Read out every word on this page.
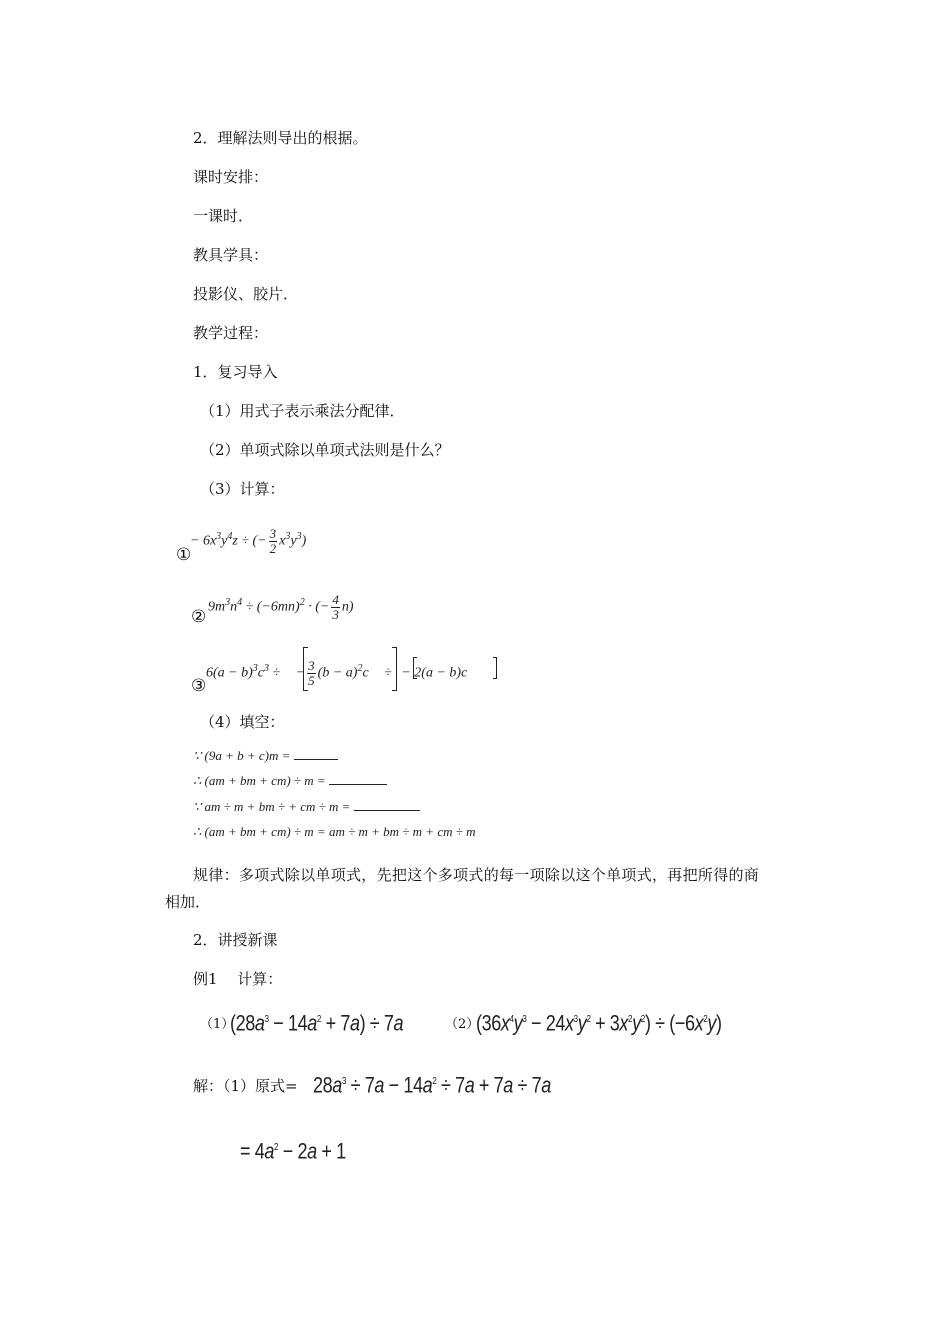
2．理解法则导出的根据。
课时安排：
一课时．
教具学具：
投影仪、胶片．
教学过程：
1．复习导入
（1）用式子表示乘法分配律．
（2）单项式除以单项式法则是什么？
（3）计算：
− $6x^3y^4z$ ÷ (− $\frac{3}{2} x^3y^3$)
①
$9m^3n^4 \div (-6mn)^2$ · (− $\frac{4}{3} n$)
②
$6(a - b)^3c^3$ ÷ − $\frac{3}{5} (b - a)^2c$ ÷ − 2(a − b)c
③
（4）填空：
∵ (9a + b + c)m =
∴ (am + bm + cm) ÷ m =
∵ am ÷ m + bm ÷ + cm ÷ m =
∴ (am + bm + cm) ÷ m = am ÷ m + bm ÷ m + cm ÷ m
规律：多项式除以单项式，先把这个多项式的每一项除以这个单项式，再把所得的商
相加．
2．讲授新课
例1　 计算：
（1）
$(28a^3 - 14a^2 + 7a) \div 7a$	（2）
$(36x^4y^3 - 24x^3y^2 + 3x^2y^2) \div (-6x^2y)$
解：（1）原式= $28a^3 \div 7a - 14a^2 \div 7a + 7a \div 7a$
= $4a^2 - 2a + 1$
